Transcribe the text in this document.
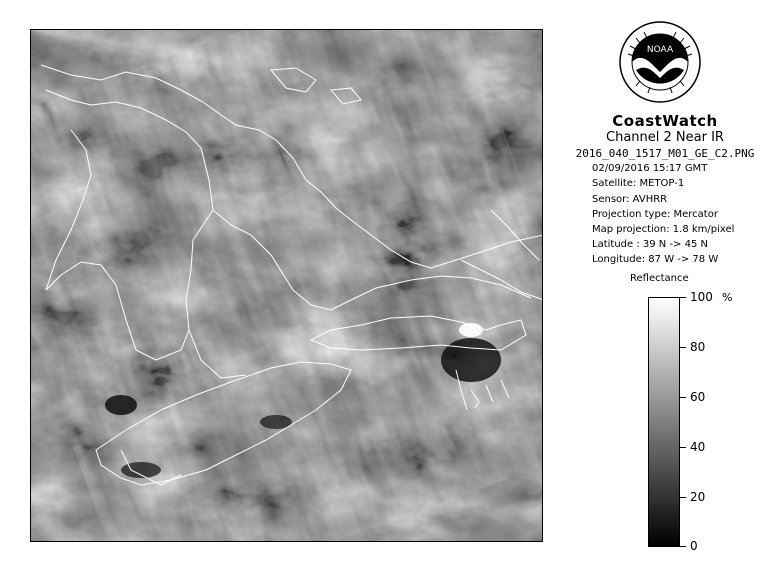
NOAA
CoastWatch
Channel 2 Near IR
2016_040_1517_M01_GE_C2.PNG
02/09/2016 15:17 GMT
Satellite: METOP-1
Sensor: AVHRR
Projection type: Mercator
Map projection: 1.8 km/pixel
Latitude : 39 N -> 45 N
Longitude: 87 W -> 78 W
Reflectance
%
100
80
60
40
20
0
